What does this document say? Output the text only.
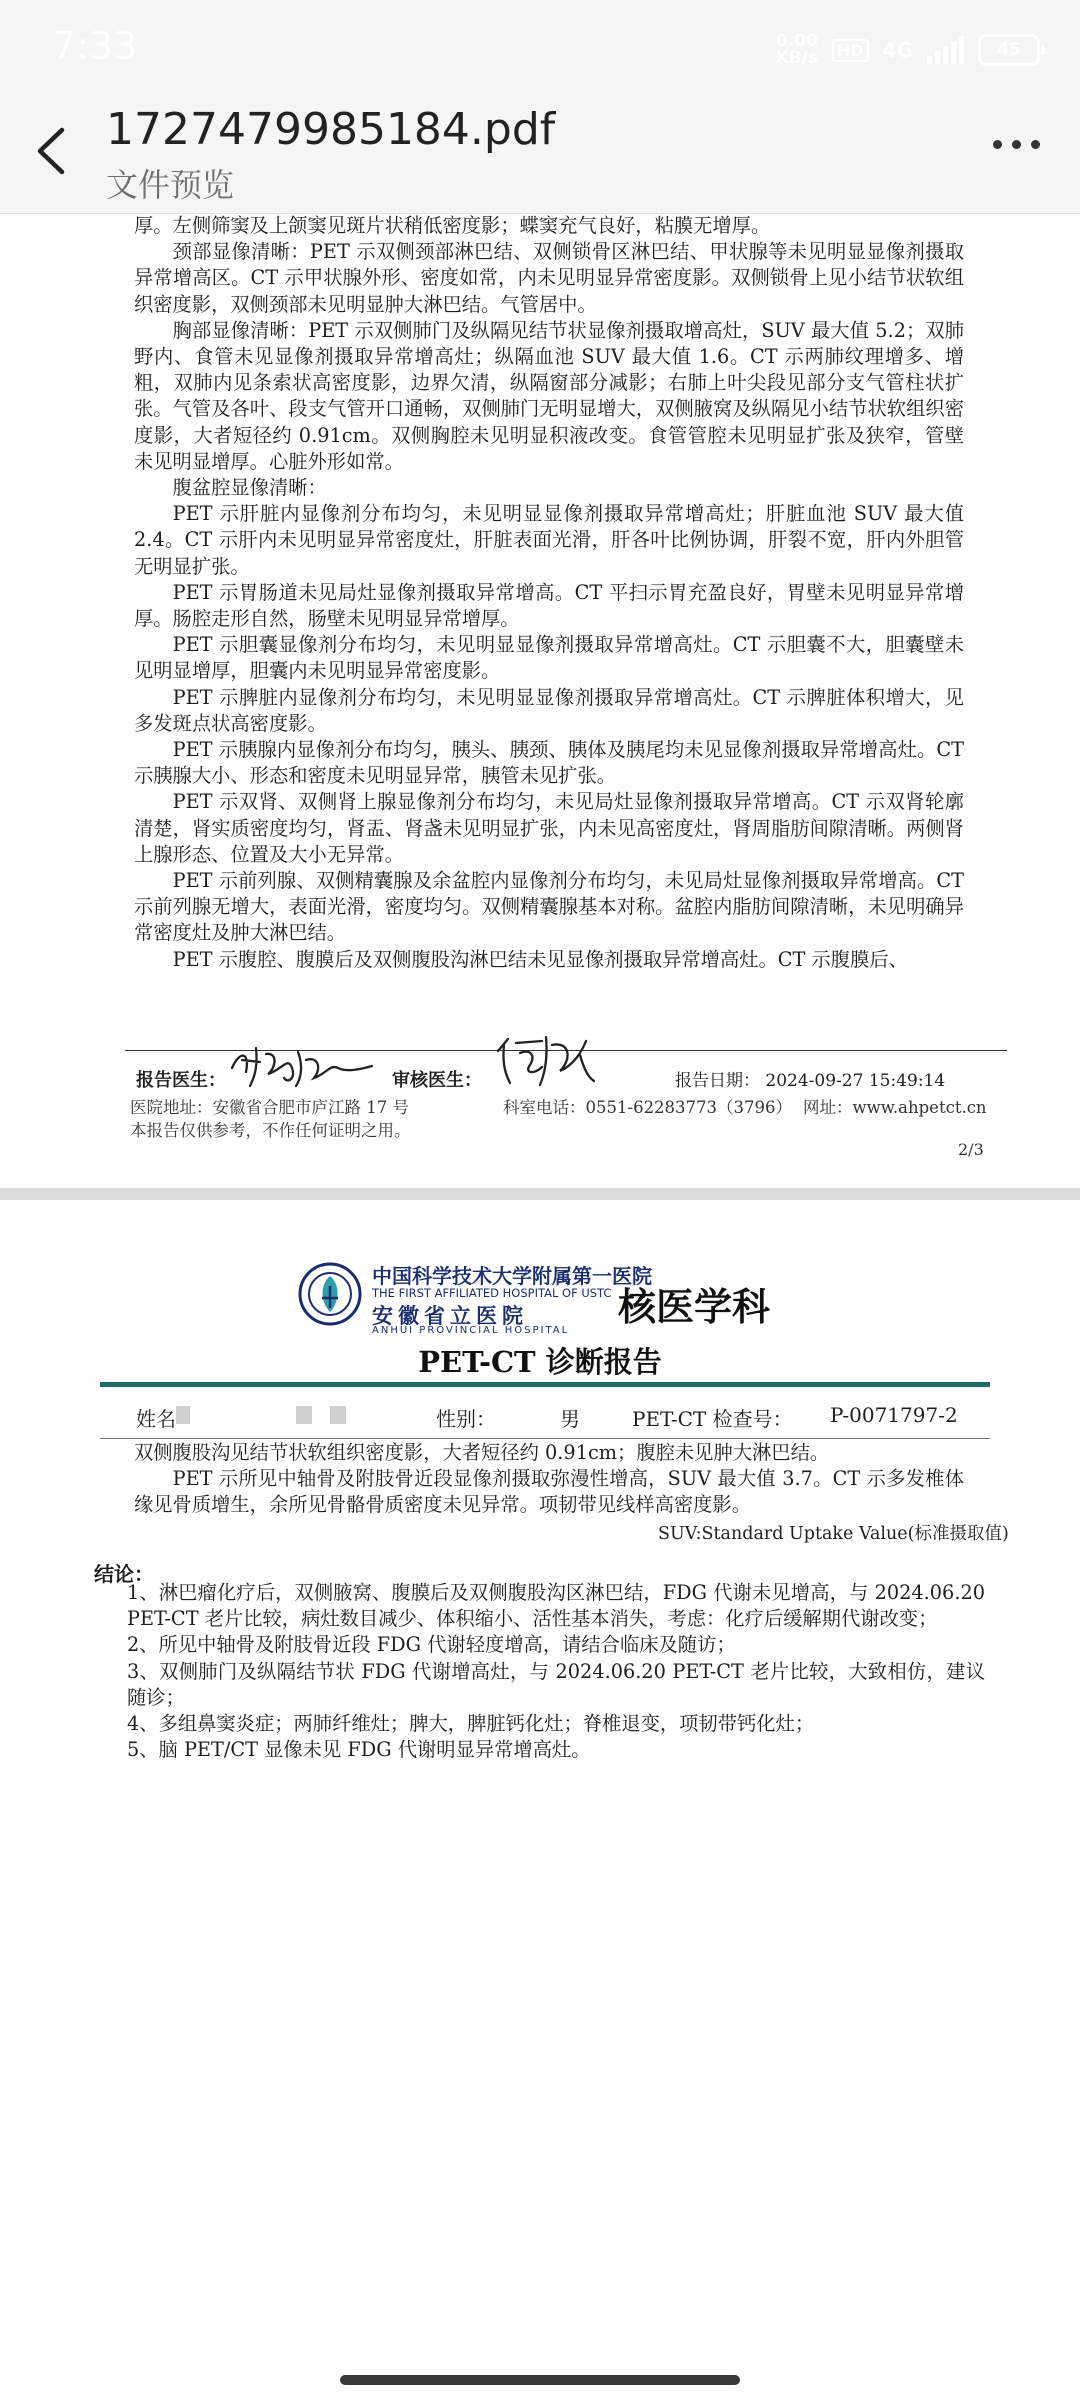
7:33	0.00
KB/s	HD 4G	45
1727479985184.pdf
文件预览

厚。左侧筛窦及上颌窦见斑片状稍低密度影；蝶窦充气良好，粘膜无增厚。

颈部显像清晰：PET 示双侧颈部淋巴结、双侧锁骨区淋巴结、甲状腺等未见明显显像剂摄取异常增高区。CT 示甲状腺外形、密度如常，内未见明显异常密度影。双侧锁骨上见小结节状软组织密度影，双侧颈部未见明显肿大淋巴结。气管居中。

胸部显像清晰：PET 示双侧肺门及纵隔见结节状显像剂摄取增高灶，SUV 最大值 5.2；双肺野内、食管未见显像剂摄取异常增高灶；纵隔血池 SUV 最大值 1.6。CT 示两肺纹理增多、增粗，双肺内见条索状高密度影，边界欠清，纵隔窗部分减影；右肺上叶尖段见部分支气管柱状扩张。气管及各叶、段支气管开口通畅，双侧肺门无明显增大，双侧腋窝及纵隔见小结节状软组织密度影，大者短径约 0.91cm。双侧胸腔未见明显积液改变。食管管腔未见明显扩张及狭窄，管壁未见明显增厚。心脏外形如常。

腹盆腔显像清晰：

PET 示肝脏内显像剂分布均匀，未见明显显像剂摄取异常增高灶；肝脏血池 SUV 最大值 2.4。CT 示肝内未见明显异常密度灶，肝脏表面光滑，肝各叶比例协调，肝裂不宽，肝内外胆管无明显扩张。

PET 示胃肠道未见局灶显像剂摄取异常增高。CT 平扫示胃充盈良好，胃壁未见明显异常增厚。肠腔走形自然，肠壁未见明显异常增厚。

PET 示胆囊显像剂分布均匀，未见明显显像剂摄取异常增高灶。CT 示胆囊不大，胆囊壁未见明显增厚，胆囊内未见明显异常密度影。

PET 示脾脏内显像剂分布均匀，未见明显显像剂摄取异常增高灶。CT 示脾脏体积增大，见多发斑点状高密度影。

PET 示胰腺内显像剂分布均匀，胰头、胰颈、胰体及胰尾均未见显像剂摄取异常增高灶。CT 示胰腺大小、形态和密度未见明显异常，胰管未见扩张。

PET 示双肾、双侧肾上腺显像剂分布均匀，未见局灶显像剂摄取异常增高。CT 示双肾轮廓清楚，肾实质密度均匀，肾盂、肾盏未见明显扩张，内未见高密度灶，肾周脂肪间隙清晰。两侧肾上腺形态、位置及大小无异常。

PET 示前列腺、双侧精囊腺及余盆腔内显像剂分布均匀，未见局灶显像剂摄取异常增高。CT 示前列腺无增大，表面光滑，密度均匀。双侧精囊腺基本对称。盆腔内脂肪间隙清晰，未见明确异常密度灶及肿大淋巴结。

PET 示腹腔、腹膜后及双侧腹股沟淋巴结未见显像剂摄取异常增高灶。CT 示腹膜后、

报告医生：	审核医生：	报告日期： 2024-09-27 15:49:14
医院地址：安徽省合肥市庐江路 17 号	科室电话：0551-62283773（3796） 网址：www.ahpetct.cn
本报告仅供参考，不作任何证明之用。
2/3
中国科学技术大学附属第一医院
THE FIRST AFFILIATED HOSPITAL OF USTC
安徽省立医院
ANHUI PROVINCIAL HOSPITAL
核医学科
PET-CT 诊断报告
姓名	性别：	男	PET-CT 检查号： P-0071797-2

双侧腹股沟见结节状软组织密度影，大者短径约 0.91cm；腹腔未见肿大淋巴结。

PET 示所见中轴骨及附肢骨近段显像剂摄取弥漫性增高，SUV 最大值 3.7。CT 示多发椎体缘见骨质增生，余所见骨骼骨质密度未见异常。项韧带见线样高密度影。

SUV:Standard Uptake Value(标准摄取值)
结论：

1、淋巴瘤化疗后，双侧腋窝、腹膜后及双侧腹股沟区淋巴结，FDG 代谢未见增高，与 2024.06.20 PET-CT 老片比较，病灶数目减少、体积缩小、活性基本消失，考虑：化疗后缓解期代谢改变；

2、所见中轴骨及附肢骨近段 FDG 代谢轻度增高，请结合临床及随访；

3、双侧肺门及纵隔结节状 FDG 代谢增高灶，与 2024.06.20 PET-CT 老片比较，大致相仿，建议随诊；

4、多组鼻窦炎症；两肺纤维灶；脾大，脾脏钙化灶；脊椎退变，项韧带钙化灶；

5、脑 PET/CT 显像未见 FDG 代谢明显异常增高灶。
